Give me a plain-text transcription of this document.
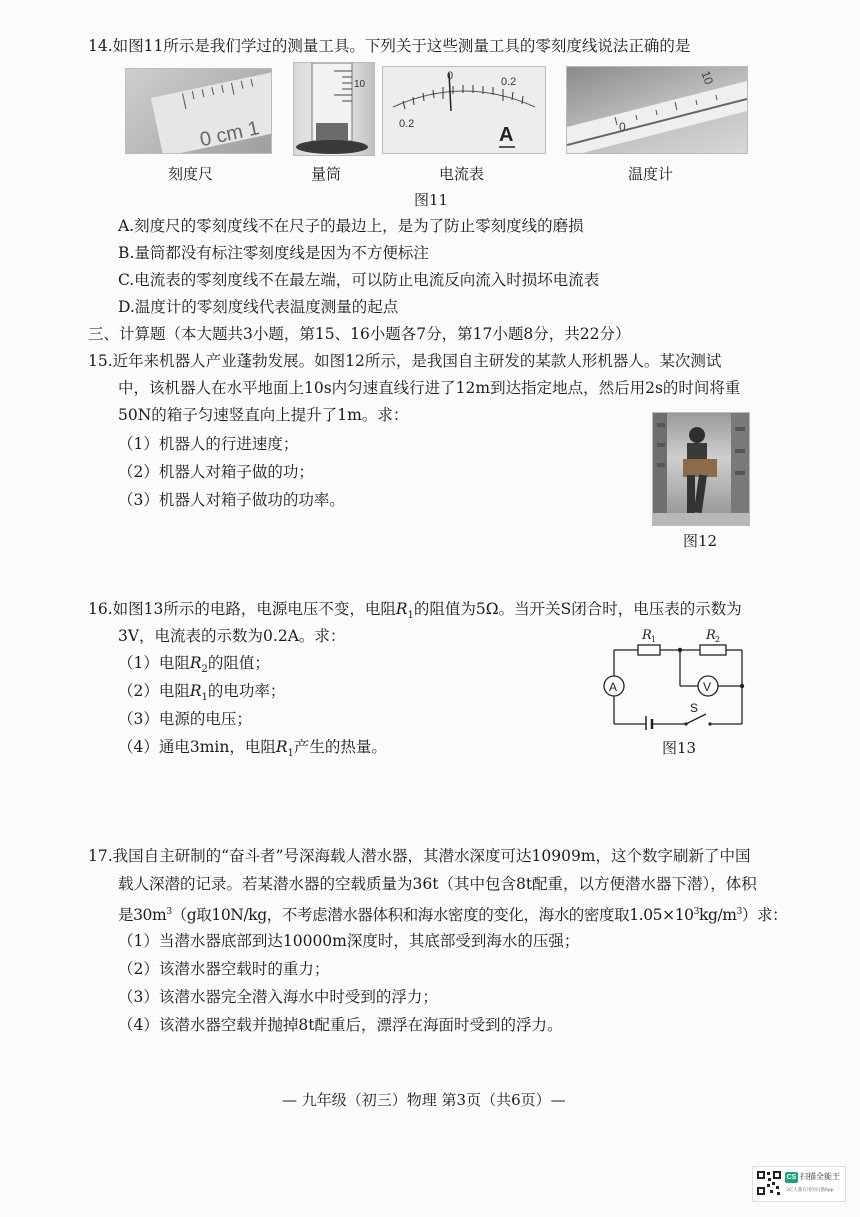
14.如图11所示是我们学过的测量工具。下列关于这些测量工具的零刻度线说法正确的是
0 cm 1
10
0.2
0	0.2
A	0
10
刻度尺	量筒	电流表	温度计
图11
A.刻度尺的零刻度线不在尺子的最边上，是为了防止零刻度线的磨损
B.量筒都没有标注零刻度线是因为不方便标注
C.电流表的零刻度线不在最左端，可以防止电流反向流入时损坏电流表
D.温度计的零刻度线代表温度测量的起点
三、计算题（本大题共3小题，第15、16小题各7分，第17小题8分，共22分）
15.近年来机器人产业蓬勃发展。如图12所示，是我国自主研发的某款人形机器人。某次测试
中，该机器人在水平地面上10s内匀速直线行进了12m到达指定地点，然后用2s的时间将重
50N的箱子匀速竖直向上提升了1m。求：
（1）机器人的行进速度；
（2）机器人对箱子做的功；
（3）机器人对箱子做功的功率。
图12
16.如图13所示的电路，电源电压不变，电阻$R_1$的阻值为5Ω。当开关S闭合时，电压表的示数为
3V，电流表的示数为0.2A。求：
（1）电阻$R_2$的阻值；
（2）电阻$R_1$的电功率；
（3）电源的电压；
（4）通电3min，电阻$R_1$产生的热量。
R 1	R 2
A	V
S
图13
17.我国自主研制的“奋斗者”号深海载人潜水器，其潜水深度可达10909m，这个数字刷新了中国
载人深潜的记录。若某潜水器的空载质量为36t（其中包含8t配重，以方便潜水器下潜），体积
是$30m^3(g$取10N/kg，不考虑潜水器体积和海水密度的变化，海水的密度取$1.05\times 10^3kg/m^3$）求：
（1）当潜水器底部到达10000m深度时，其底部受到海水的压强；
（2）该潜水器空载时的重力；
（3）该潜水器完全潜入海水中时受到的浮力；
（4）该潜水器空载并抛掉8t配重后，漂浮在海面时受到的浮力。
— 九年级（初三）物理 第3页（共6页）—
CS 扫描全能王
3亿人都在用的扫描App
